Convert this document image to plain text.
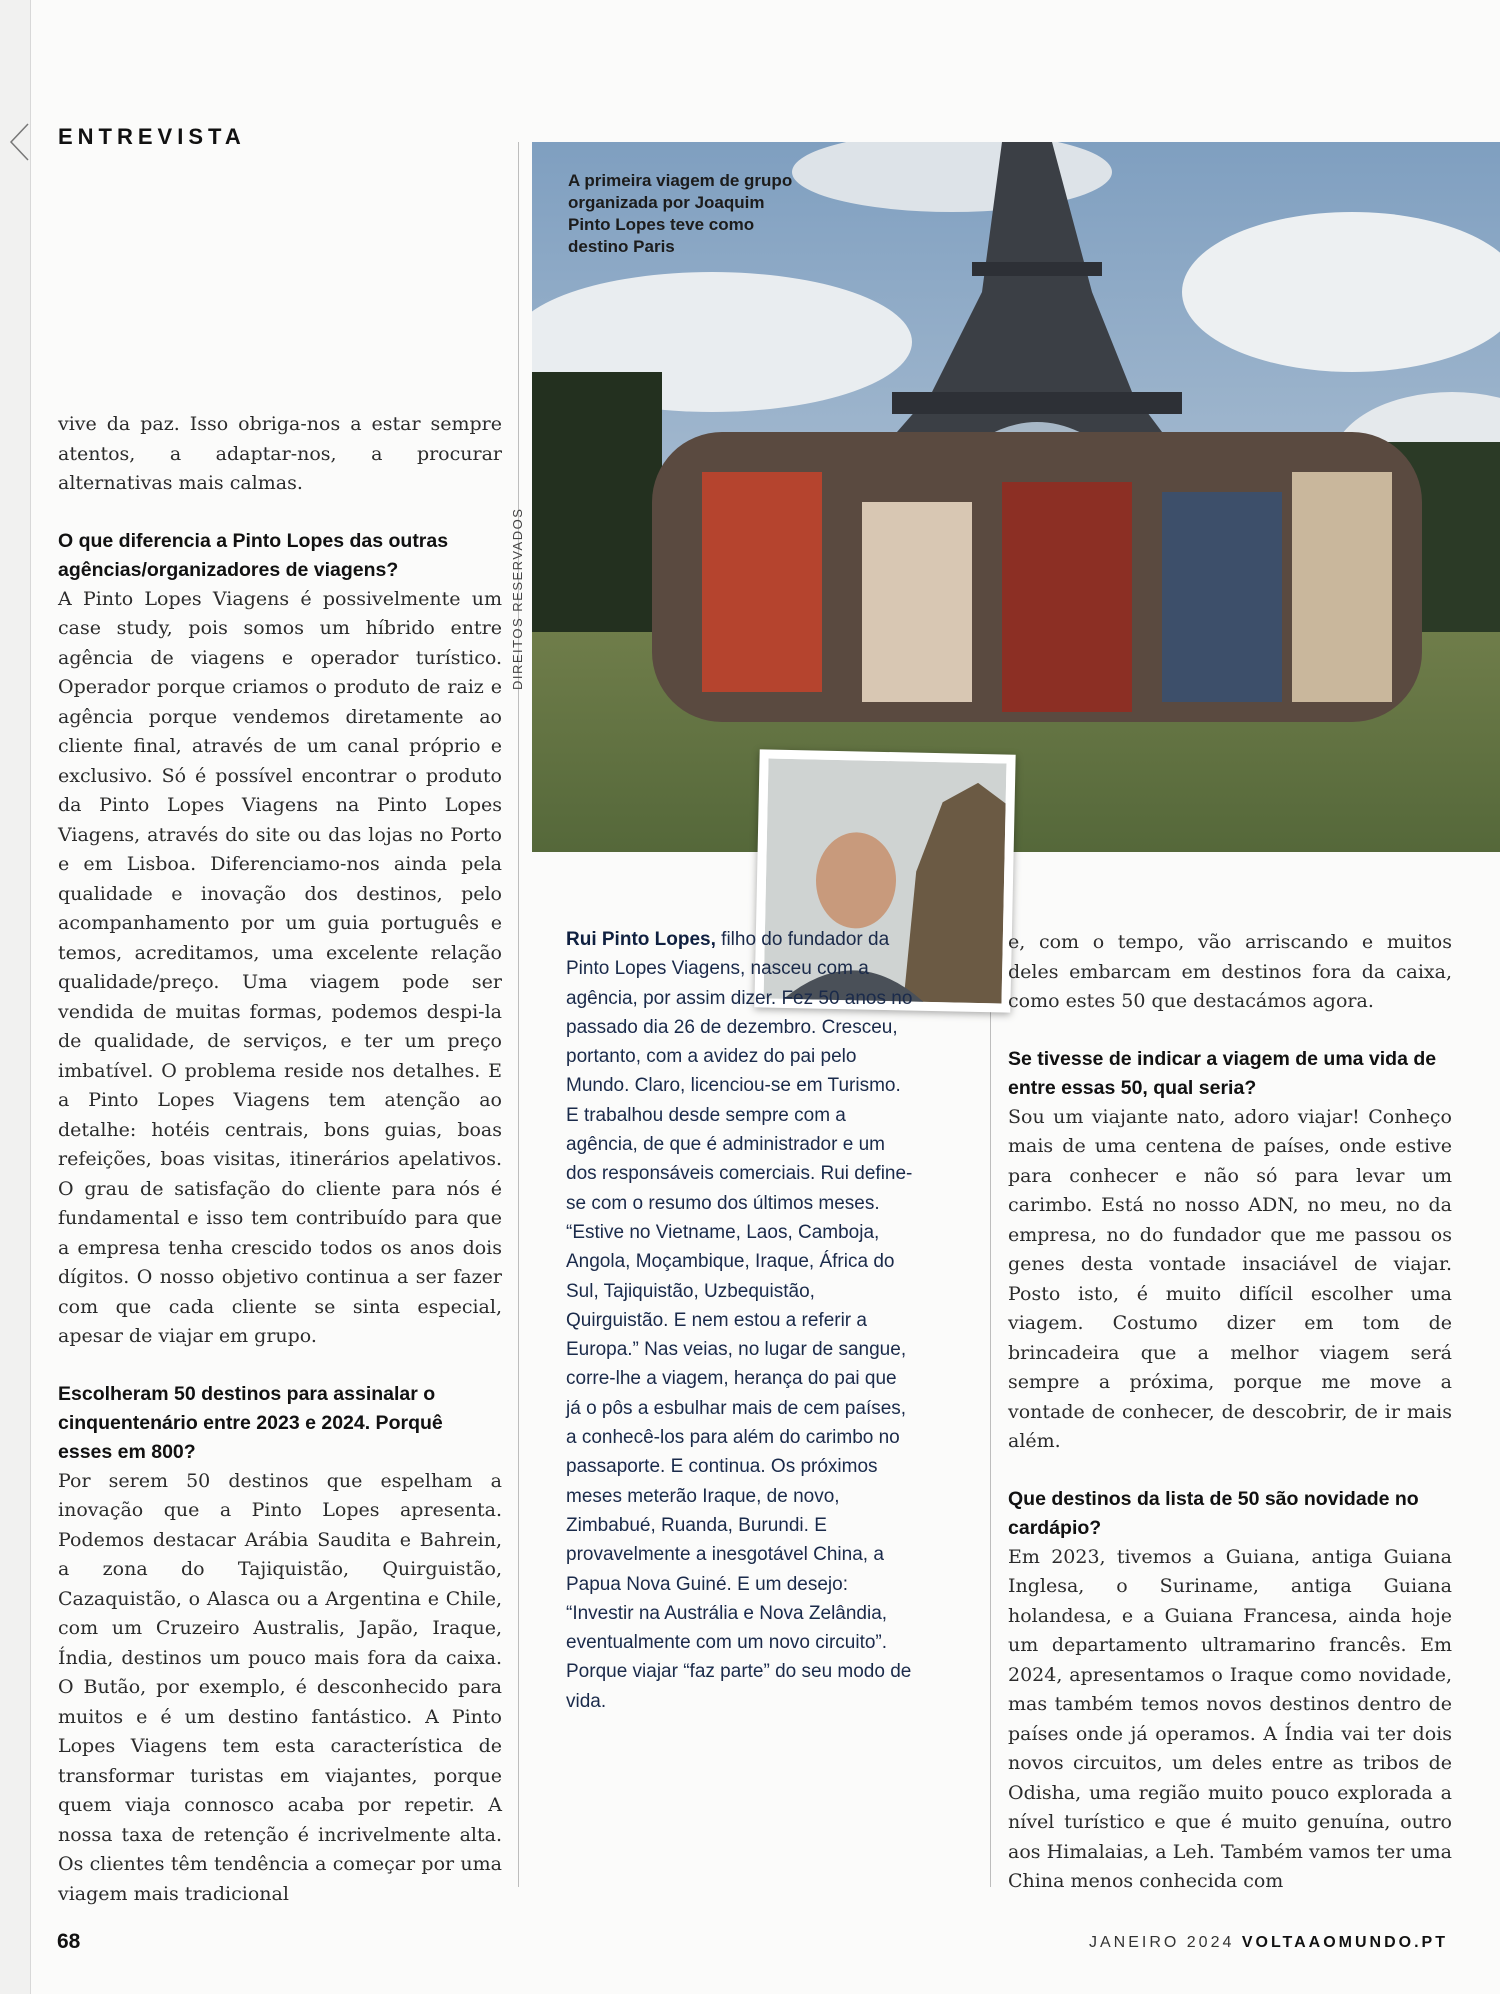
ENTREVISTA

A primeira viagem de grupo organizada por Joaquim Pinto Lopes teve como destino Paris

DIREITOS RESERVADOS

vive da paz. Isso obriga-nos a estar sempre atentos, a adaptar-nos, a procurar alternativas mais calmas.

O que diferencia a Pinto Lopes das outras agências/organizadores de viagens?

A Pinto Lopes Viagens é possivelmente um case study, pois somos um híbrido entre agência de viagens e operador turístico. Operador porque criamos o produto de raiz e agência porque vendemos diretamente ao cliente final, através de um canal próprio e exclusivo. Só é possível encontrar o produto da Pinto Lopes Viagens na Pinto Lopes Viagens, através do site ou das lojas no Porto e em Lisboa. Diferenciamo-nos ainda pela qualidade e inovação dos destinos, pelo acompanhamento por um guia português e temos, acreditamos, uma excelente relação qualidade/preço. Uma viagem pode ser vendida de muitas formas, podemos despi-la de qualidade, de serviços, e ter um preço imbatível. O problema reside nos detalhes. E a Pinto Lopes Viagens tem atenção ao detalhe: hotéis centrais, bons guias, boas refeições, boas visitas, itinerários apelativos. O grau de satisfação do cliente para nós é fundamental e isso tem contribuído para que a empresa tenha crescido todos os anos dois dígitos. O nosso objetivo continua a ser fazer com que cada cliente se sinta especial, apesar de viajar em grupo.

Escolheram 50 destinos para assinalar o cinquentenário entre 2023 e 2024. Porquê esses em 800?

Por serem 50 destinos que espelham a inovação que a Pinto Lopes apresenta. Podemos destacar Arábia Saudita e Bahrein, a zona do Tajiquistão, Quirguistão, Cazaquistão, o Alasca ou a Argentina e Chile, com um Cruzeiro Australis, Japão, Iraque, Índia, destinos um pouco mais fora da caixa. O Butão, por exemplo, é desconhecido para muitos e é um destino fantástico. A Pinto Lopes Viagens tem esta característica de transformar turistas em viajantes, porque quem viaja connosco acaba por repetir. A nossa taxa de retenção é incrivelmente alta. Os clientes têm tendência a começar por uma viagem mais tradicional

Rui Pinto Lopes, filho do fundador da Pinto Lopes Viagens, nasceu com a agência, por assim dizer. Fez 50 anos no passado dia 26 de dezembro. Cresceu, portanto, com a avidez do pai pelo Mundo. Claro, licenciou-se em Turismo. E trabalhou desde sempre com a agência, de que é administrador e um dos responsáveis comerciais. Rui define-se com o resumo dos últimos meses. “Estive no Vietname, Laos, Camboja, Angola, Moçambique, Iraque, África do Sul, Tajiquistão, Uzbequistão, Quirguistão. E nem estou a referir a Europa.” Nas veias, no lugar de sangue, corre-lhe a viagem, herança do pai que já o pôs a esbulhar mais de cem países, a conhecê-los para além do carimbo no passaporte. E continua. Os próximos meses meterão Iraque, de novo, Zimbabué, Ruanda, Burundi. E provavelmente a inesgotável China, a Papua Nova Guiné. E um desejo: “Investir na Austrália e Nova Zelândia, eventualmente com um novo circuito”. Porque viajar “faz parte” do seu modo de vida.

e, com o tempo, vão arriscando e muitos deles embarcam em destinos fora da caixa, como estes 50 que destacámos agora.

Se tivesse de indicar a viagem de uma vida de entre essas 50, qual seria?

Sou um viajante nato, adoro viajar! Conheço mais de uma centena de países, onde estive para conhecer e não só para levar um carimbo. Está no nosso ADN, no meu, no da empresa, no do fundador que me passou os genes desta vontade insaciável de viajar. Posto isto, é muito difícil escolher uma viagem. Costumo dizer em tom de brincadeira que a melhor viagem será sempre a próxima, porque me move a vontade de conhecer, de descobrir, de ir mais além.

Que destinos da lista de 50 são novidade no cardápio?

Em 2023, tivemos a Guiana, antiga Guiana Inglesa, o Suriname, antiga Guiana holandesa, e a Guiana Francesa, ainda hoje um departamento ultramarino francês. Em 2024, apresentamos o Iraque como novidade, mas também temos novos destinos dentro de países onde já operamos. A Índia vai ter dois novos circuitos, um deles entre as tribos de Odisha, uma região muito pouco explorada a nível turístico e que é muito genuína, outro aos Himalaias, a Leh. Também vamos ter uma China menos conhecida com

68	JANEIRO 2024 VOLTAAOMUNDO.PT
